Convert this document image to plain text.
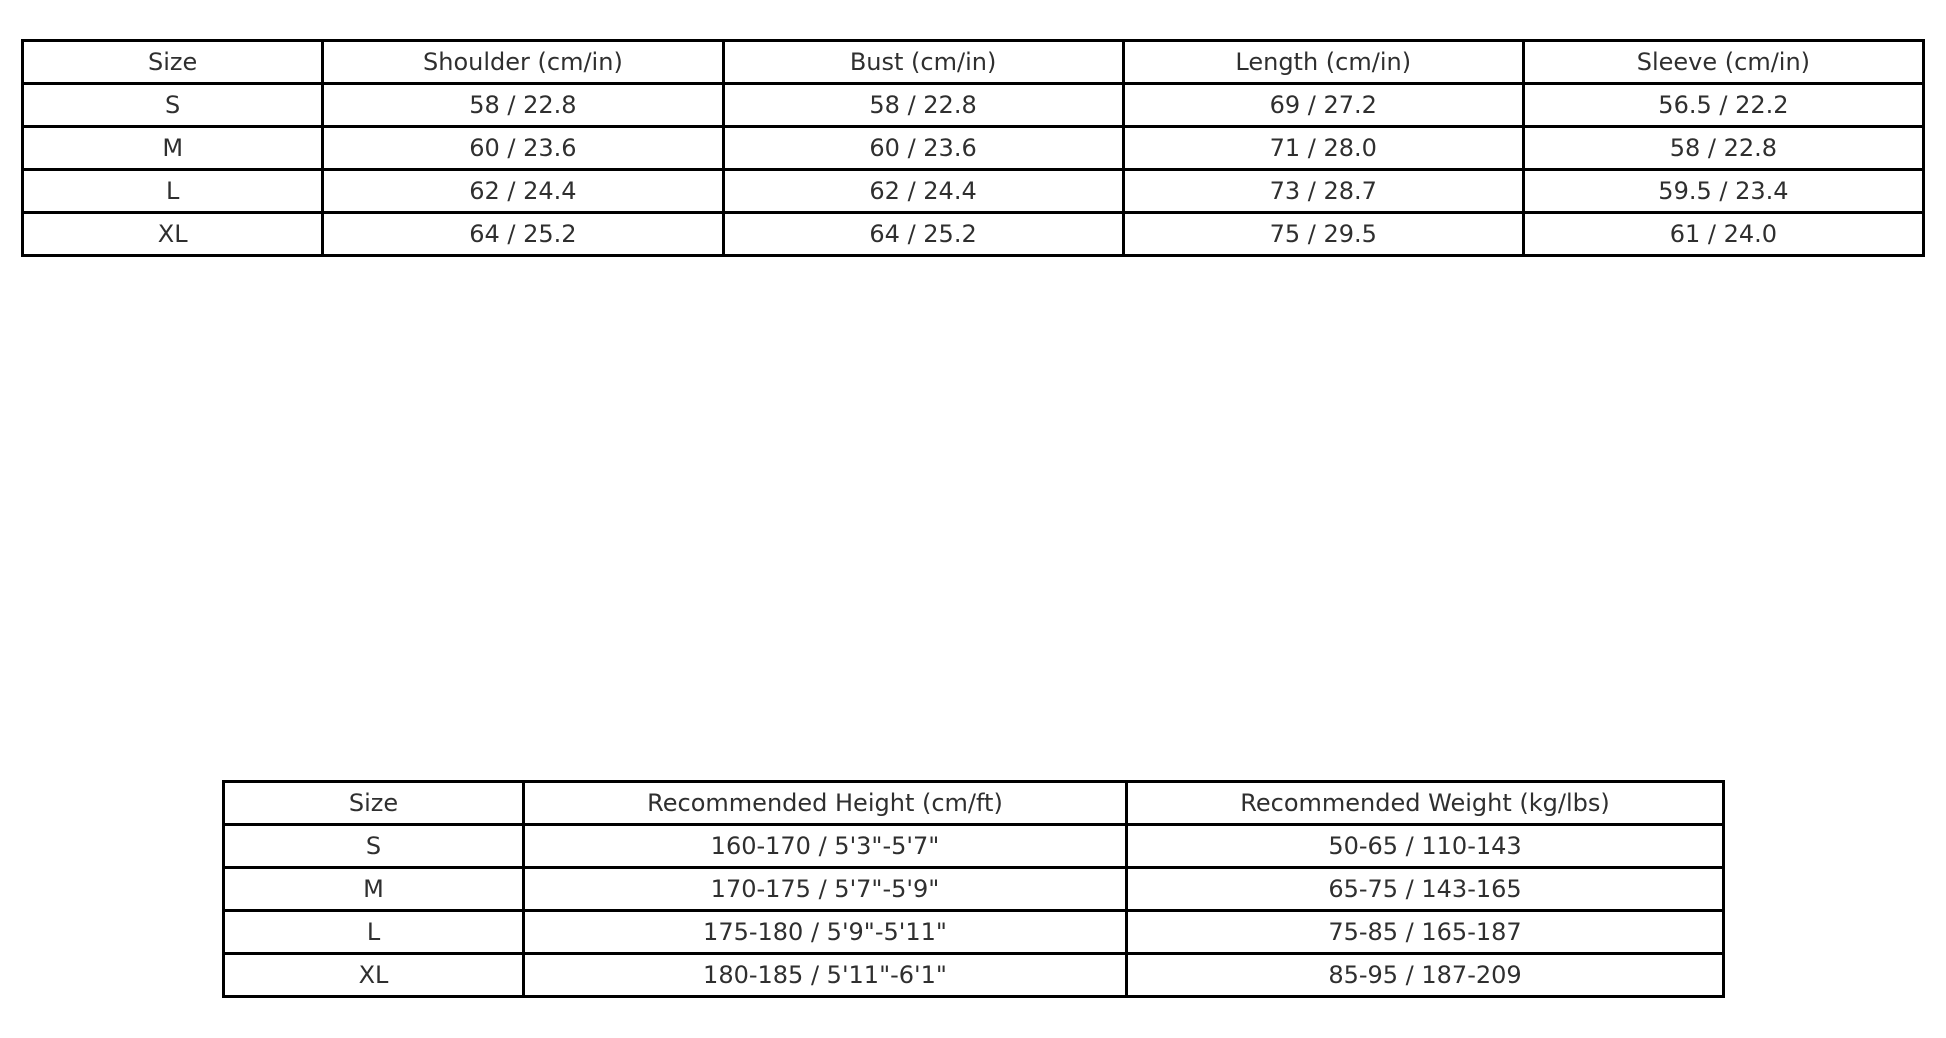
Size	Shoulder (cm/in)	Bust (cm/in)	Length (cm/in)	Sleeve (cm/in)
S	58 / 22.8	58 / 22.8	69 / 27.2	56.5 / 22.2
M	60 / 23.6	60 / 23.6	71 / 28.0	58 / 22.8
L	62 / 24.4	62 / 24.4	73 / 28.7	59.5 / 23.4
XL	64 / 25.2	64 / 25.2	75 / 29.5	61 / 24.0
Size	Recommended Height (cm/ft)	Recommended Weight (kg/lbs)
S	160-170 / 5'3"-5'7"	50-65 / 110-143
M	170-175 / 5'7"-5'9"	65-75 / 143-165
L	175-180 / 5'9"-5'11"	75-85 / 165-187
XL	180-185 / 5'11"-6'1"	85-95 / 187-209
